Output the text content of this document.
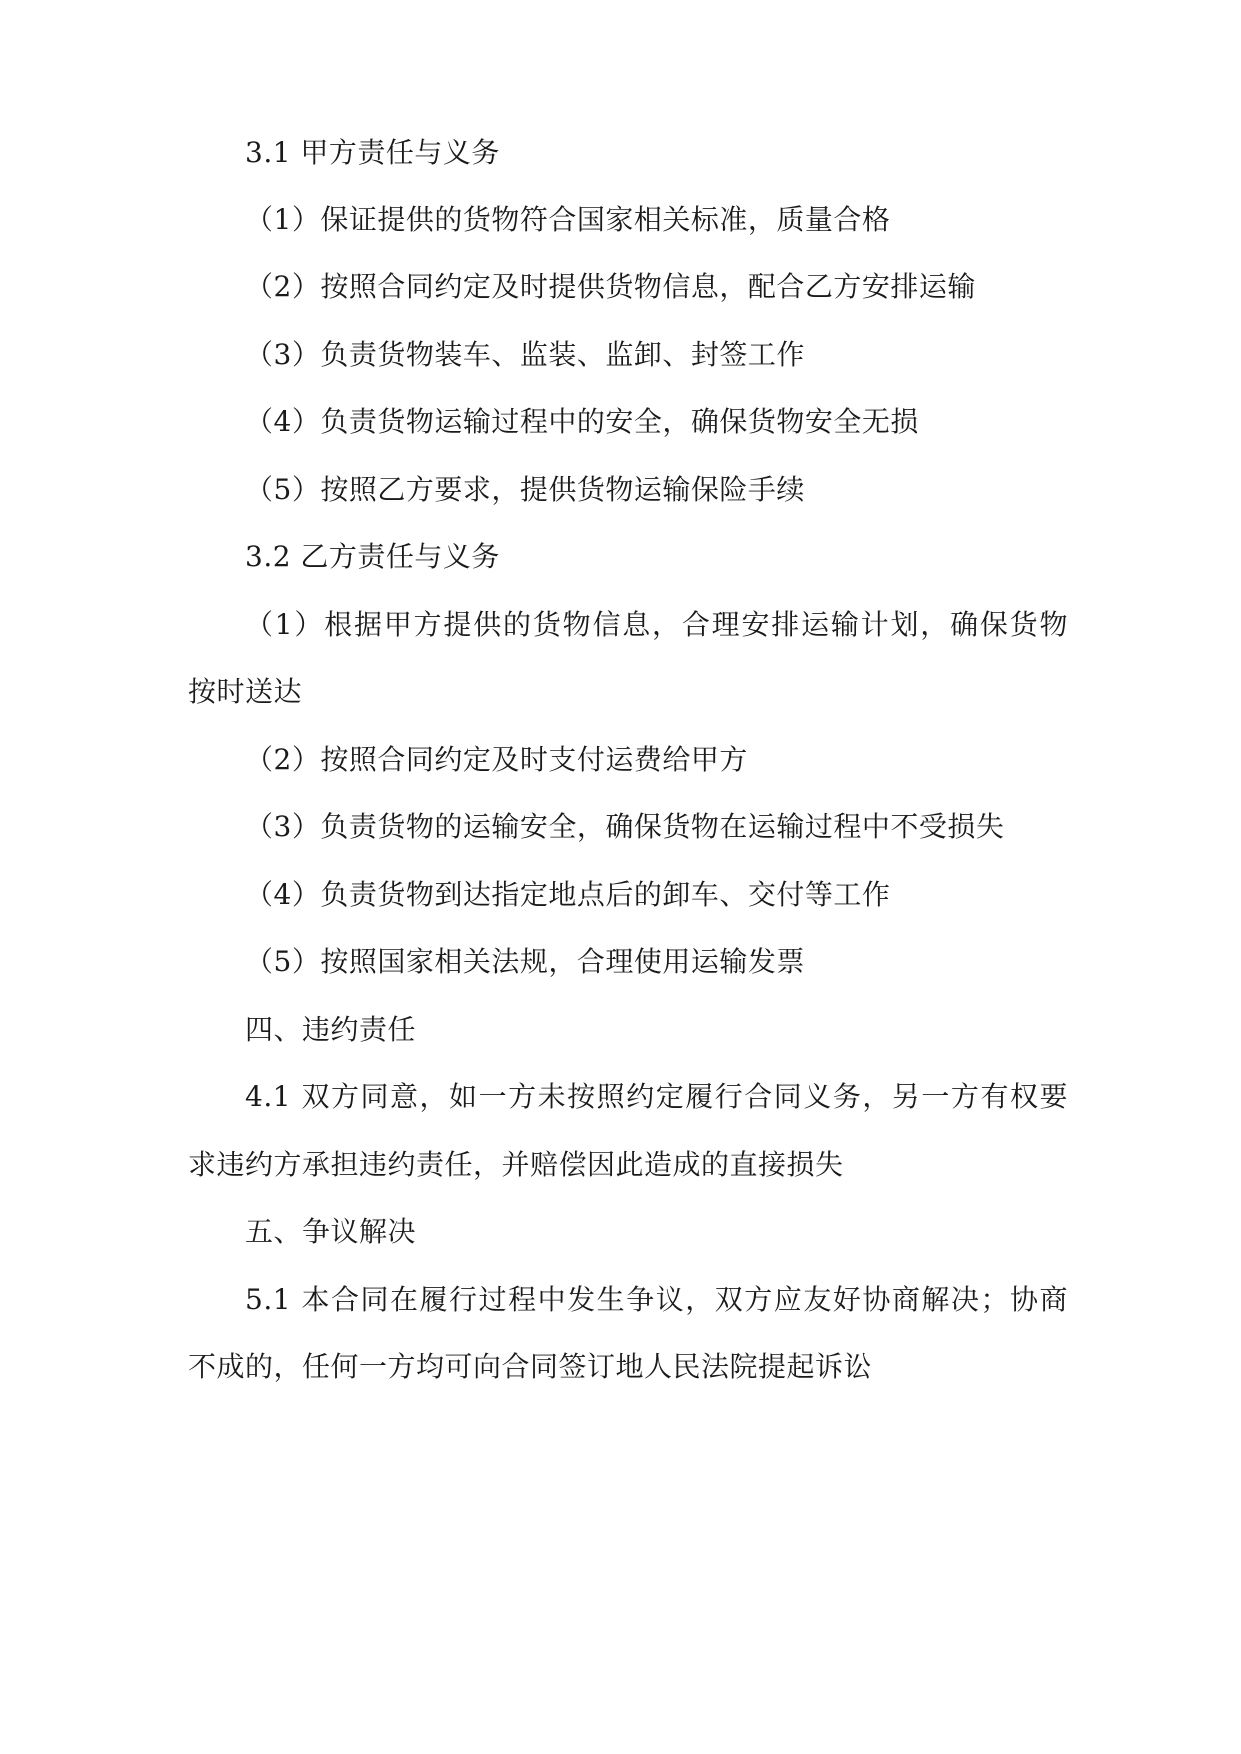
3.1 甲方责任与义务
（1）保证提供的货物符合国家相关标准，质量合格
（2）按照合同约定及时提供货物信息，配合乙方安排运输
（3）负责货物装车、监装、监卸、封签工作
（4）负责货物运输过程中的安全，确保货物安全无损
（5）按照乙方要求，提供货物运输保险手续
3.2 乙方责任与义务
（1）根据甲方提供的货物信息，合理安排运输计划，确保货物
按时送达
（2）按照合同约定及时支付运费给甲方
（3）负责货物的运输安全，确保货物在运输过程中不受损失
（4）负责货物到达指定地点后的卸车、交付等工作
（5）按照国家相关法规，合理使用运输发票
四、违约责任
4.1 双方同意，如一方未按照约定履行合同义务，另一方有权要
求违约方承担违约责任，并赔偿因此造成的直接损失
五、争议解决
5.1 本合同在履行过程中发生争议，双方应友好协商解决；协商
不成的，任何一方均可向合同签订地人民法院提起诉讼
